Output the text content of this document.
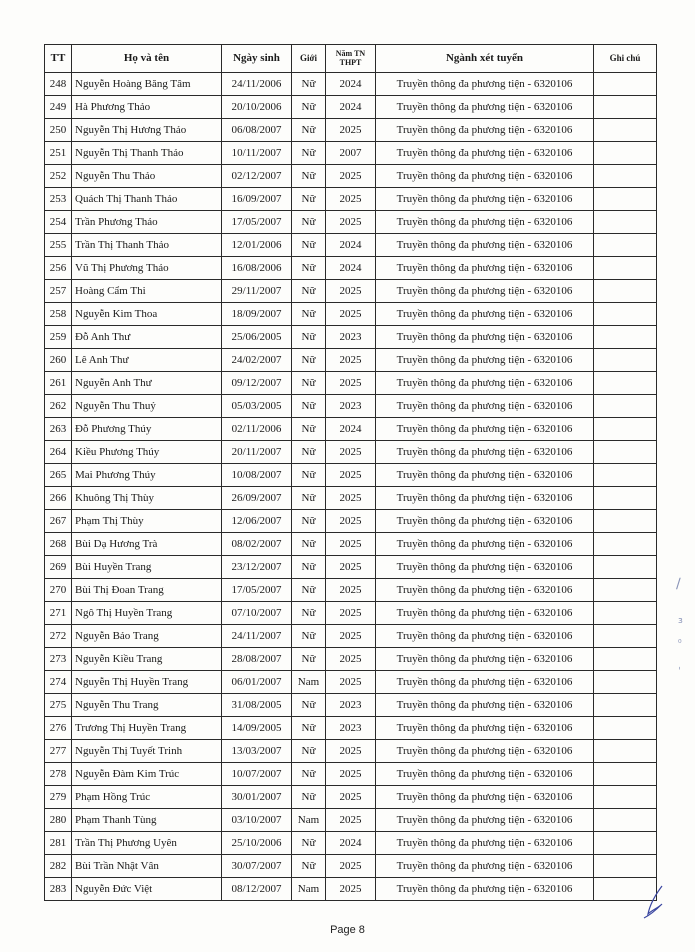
TT	Họ và tên	Ngày sinh	Giới	Năm TN THPT	Ngành xét tuyển	Ghi chú
248	Nguyễn Hoàng Băng Tâm	24/11/2006	Nữ	2024	Truyền thông đa phương tiện - 6320106	
249	Hà Phương Thảo	20/10/2006	Nữ	2024	Truyền thông đa phương tiện - 6320106	
250	Nguyễn Thị Hương Thảo	06/08/2007	Nữ	2025	Truyền thông đa phương tiện - 6320106	
251	Nguyễn Thị Thanh Thảo	10/11/2007	Nữ	2007	Truyền thông đa phương tiện - 6320106	
252	Nguyễn Thu Thảo	02/12/2007	Nữ	2025	Truyền thông đa phương tiện - 6320106	
253	Quách Thị Thanh Thảo	16/09/2007	Nữ	2025	Truyền thông đa phương tiện - 6320106	
254	Trần Phương Thảo	17/05/2007	Nữ	2025	Truyền thông đa phương tiện - 6320106	
255	Trần Thị Thanh Thảo	12/01/2006	Nữ	2024	Truyền thông đa phương tiện - 6320106	
256	Vũ Thị Phương Thảo	16/08/2006	Nữ	2024	Truyền thông đa phương tiện - 6320106	
257	Hoàng Cẩm Thi	29/11/2007	Nữ	2025	Truyền thông đa phương tiện - 6320106	
258	Nguyễn Kim Thoa	18/09/2007	Nữ	2025	Truyền thông đa phương tiện - 6320106	
259	Đỗ Anh Thư	25/06/2005	Nữ	2023	Truyền thông đa phương tiện - 6320106	
260	Lê Anh Thư	24/02/2007	Nữ	2025	Truyền thông đa phương tiện - 6320106	
261	Nguyễn Anh Thư	09/12/2007	Nữ	2025	Truyền thông đa phương tiện - 6320106	
262	Nguyễn Thu Thuỷ	05/03/2005	Nữ	2023	Truyền thông đa phương tiện - 6320106	
263	Đỗ Phương Thúy	02/11/2006	Nữ	2024	Truyền thông đa phương tiện - 6320106	
264	Kiều Phương Thúy	20/11/2007	Nữ	2025	Truyền thông đa phương tiện - 6320106	
265	Mai Phương Thúy	10/08/2007	Nữ	2025	Truyền thông đa phương tiện - 6320106	
266	Khuông Thị Thùy	26/09/2007	Nữ	2025	Truyền thông đa phương tiện - 6320106	
267	Phạm Thị Thùy	12/06/2007	Nữ	2025	Truyền thông đa phương tiện - 6320106	
268	Bùi Dạ Hương Trà	08/02/2007	Nữ	2025	Truyền thông đa phương tiện - 6320106	
269	Bùi Huyền Trang	23/12/2007	Nữ	2025	Truyền thông đa phương tiện - 6320106	
270	Bùi Thị Đoan Trang	17/05/2007	Nữ	2025	Truyền thông đa phương tiện - 6320106	
271	Ngô Thị Huyền Trang	07/10/2007	Nữ	2025	Truyền thông đa phương tiện - 6320106	
272	Nguyễn Bảo Trang	24/11/2007	Nữ	2025	Truyền thông đa phương tiện - 6320106	
273	Nguyễn Kiều Trang	28/08/2007	Nữ	2025	Truyền thông đa phương tiện - 6320106	
274	Nguyễn Thị Huyền Trang	06/01/2007	Nam	2025	Truyền thông đa phương tiện - 6320106	
275	Nguyễn Thu Trang	31/08/2005	Nữ	2023	Truyền thông đa phương tiện - 6320106	
276	Trương Thị Huyền Trang	14/09/2005	Nữ	2023	Truyền thông đa phương tiện - 6320106	
277	Nguyễn Thị Tuyết Trinh	13/03/2007	Nữ	2025	Truyền thông đa phương tiện - 6320106	
278	Nguyễn Đàm Kim Trúc	10/07/2007	Nữ	2025	Truyền thông đa phương tiện - 6320106	
279	Phạm Hồng Trúc	30/01/2007	Nữ	2025	Truyền thông đa phương tiện - 6320106	
280	Phạm Thanh Tùng	03/10/2007	Nam	2025	Truyền thông đa phương tiện - 6320106	
281	Trần Thị Phương Uyên	25/10/2006	Nữ	2024	Truyền thông đa phương tiện - 6320106	
282	Bùi Trần Nhật Vân	30/07/2007	Nữ	2025	Truyền thông đa phương tiện - 6320106	
283	Nguyễn Đức Việt	08/12/2007	Nam	2025	Truyền thông đa phương tiện - 6320106	
∕
з
₀
ˌ
Page 8
